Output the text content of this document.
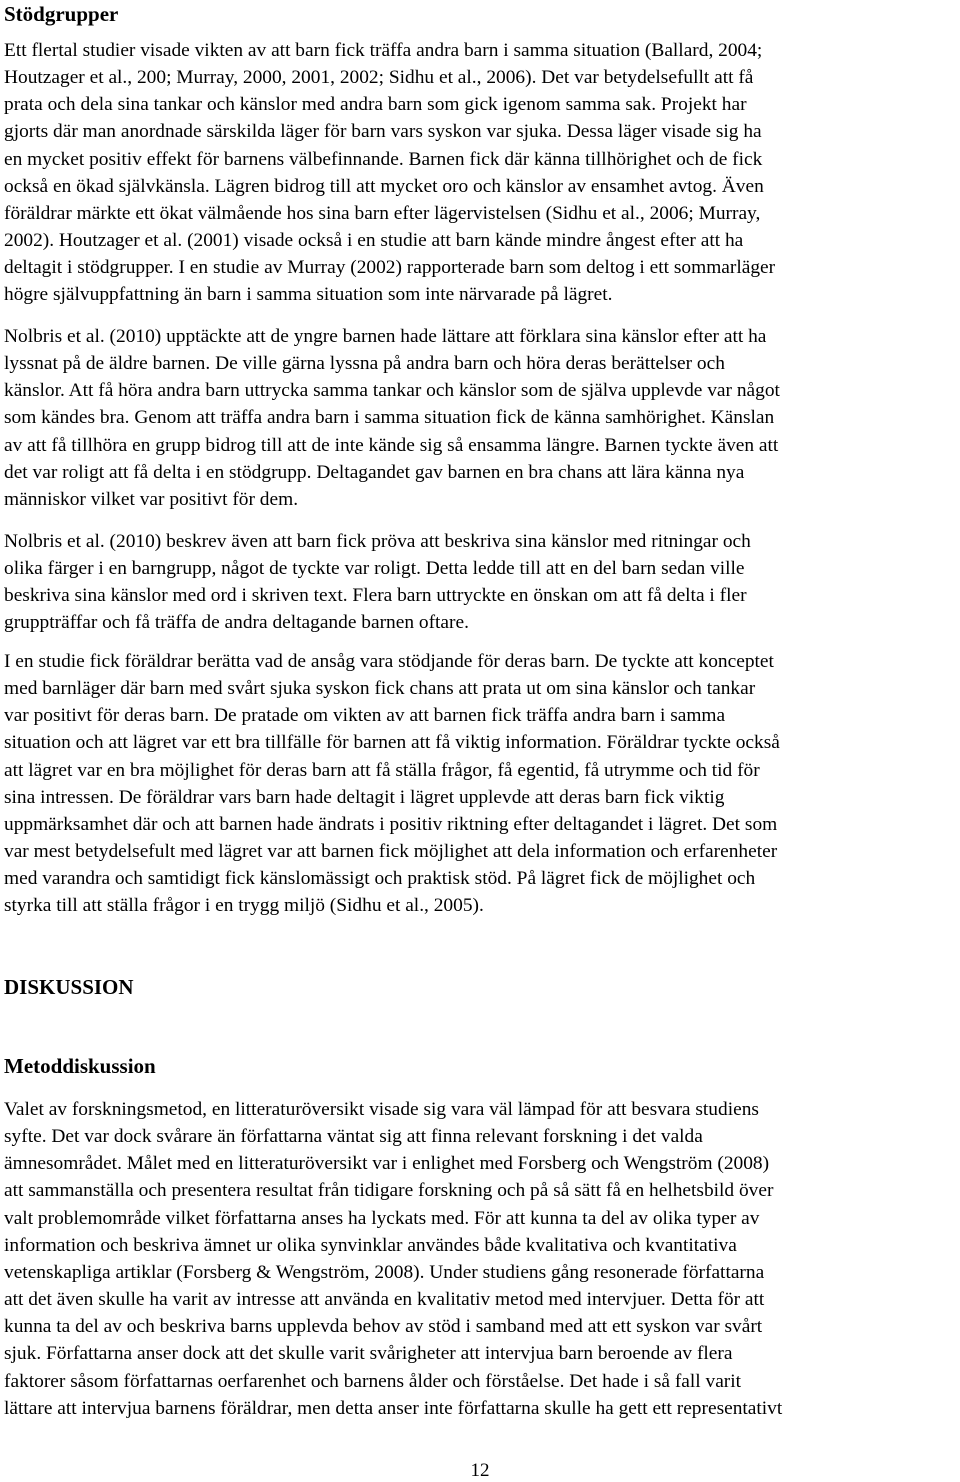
Stödgrupper
Ett flertal studier visade vikten av att barn fick träffa andra barn i samma situation (Ballard, 2004;
Houtzager et al., 200; Murray, 2000, 2001, 2002; Sidhu et al., 2006). Det var betydelsefullt att få
prata och dela sina tankar och känslor med andra barn som gick igenom samma sak. Projekt har
gjorts där man anordnade särskilda läger för barn vars syskon var sjuka. Dessa läger visade sig ha
en mycket positiv effekt för barnens välbefinnande. Barnen fick där känna tillhörighet och de fick
också en ökad självkänsla. Lägren bidrog till att mycket oro och känslor av ensamhet avtog. Även
föräldrar märkte ett ökat välmående hos sina barn efter lägervistelsen (Sidhu et al., 2006; Murray,
2002). Houtzager et al. (2001) visade också i en studie att barn kände mindre ångest efter att ha
deltagit i stödgrupper. I en studie av Murray (2002) rapporterade barn som deltog i ett sommarläger
högre självuppfattning än barn i samma situation som inte närvarade på lägret.
Nolbris et al. (2010) upptäckte att de yngre barnen hade lättare att förklara sina känslor efter att ha
lyssnat på de äldre barnen. De ville gärna lyssna på andra barn och höra deras berättelser och
känslor. Att få höra andra barn uttrycka samma tankar och känslor som de själva upplevde var något
som kändes bra. Genom att träffa andra barn i samma situation fick de känna samhörighet. Känslan
av att få tillhöra en grupp bidrog till att de inte kände sig så ensamma längre. Barnen tyckte även att
det var roligt att få delta i en stödgrupp. Deltagandet gav barnen en bra chans att lära känna nya
människor vilket var positivt för dem.
Nolbris et al. (2010) beskrev även att barn fick pröva att beskriva sina känslor med ritningar och
olika färger i en barngrupp, något de tyckte var roligt. Detta ledde till att en del barn sedan ville
beskriva sina känslor med ord i skriven text. Flera barn uttryckte en önskan om att få delta i fler
gruppträffar och få träffa de andra deltagande barnen oftare.
I en studie fick föräldrar berätta vad de ansåg vara stödjande för deras barn. De tyckte att konceptet
med barnläger där barn med svårt sjuka syskon fick chans att prata ut om sina känslor och tankar
var positivt för deras barn. De pratade om vikten av att barnen fick träffa andra barn i samma
situation och att lägret var ett bra tillfälle för barnen att få viktig information. Föräldrar tyckte också
att lägret var en bra möjlighet för deras barn att få ställa frågor, få egentid, få utrymme och tid för
sina intressen. De föräldrar vars barn hade deltagit i lägret upplevde att deras barn fick viktig
uppmärksamhet där och att barnen hade ändrats i positiv riktning efter deltagandet i lägret. Det som
var mest betydelsefult med lägret var att barnen fick möjlighet att dela information och erfarenheter
med varandra och samtidigt fick känslomässigt och praktisk stöd. På lägret fick de möjlighet och
styrka till att ställa frågor i en trygg miljö (Sidhu et al., 2005).
DISKUSSION
Metoddiskussion
Valet av forskningsmetod, en litteraturöversikt visade sig vara väl lämpad för att besvara studiens
syfte. Det var dock svårare än författarna väntat sig att finna relevant forskning i det valda
ämnesområdet. Målet med en litteraturöversikt var i enlighet med Forsberg och Wengström (2008)
att sammanställa och presentera resultat från tidigare forskning och på så sätt få en helhetsbild över
valt problemområde vilket författarna anses ha lyckats med. För att kunna ta del av olika typer av
information och beskriva ämnet ur olika synvinklar användes både kvalitativa och kvantitativa
vetenskapliga artiklar (Forsberg & Wengström, 2008). Under studiens gång resonerade författarna
att det även skulle ha varit av intresse att använda en kvalitativ metod med intervjuer. Detta för att
kunna ta del av och beskriva barns upplevda behov av stöd i samband med att ett syskon var svårt
sjuk. Författarna anser dock att det skulle varit svårigheter att intervjua barn beroende av flera
faktorer såsom författarnas oerfarenhet och barnens ålder och förståelse. Det hade i så fall varit
lättare att intervjua barnens föräldrar, men detta anser inte författarna skulle ha gett ett representativt
12
